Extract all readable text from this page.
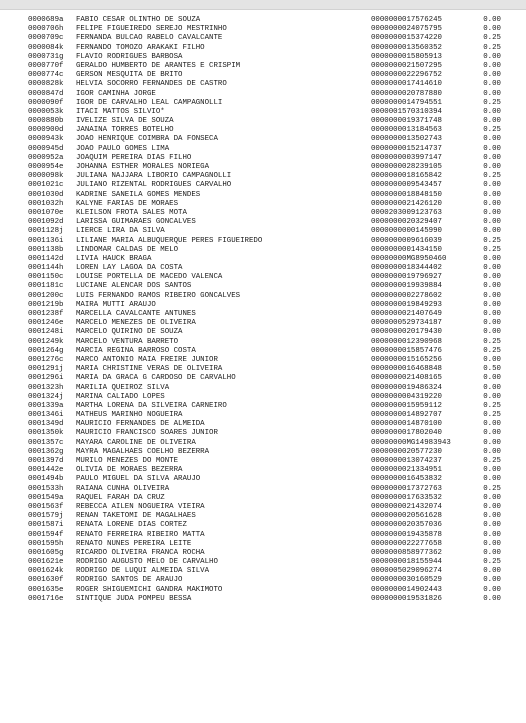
0000689a FABIO CESAR OLINTHO DE SOUZA	0000000017576245	0.00
0000706h FELIPE FIGUEIREDO SEREJO MESTRINHO	0000000024075795	0.00
0000709c FERNANDA BULCAO RABELO CAVALCANTE	0000000015374220	0.25
0000084k FERNANDO TOMOZO ARAKAKI FILHO	0000000013560352	0.25
0000731g FLAVIO RODRIGUES BARBOSA	0000000015805913	0.00
0000770f GERALDO HUMBERTO DE ARANTES E CRISPIM	0000000021507295	0.00
0000774c GERSON MESQUITA DE BRITO	0000000022296752	0.00
0000828k HELVIA SOCORRO FERNANDES DE CASTRO	0000000017414610	0.00
0000847d IGOR CAMINHA JORGE	0000000020787880	0.00
0000090f IGOR DE CARVALHO LEAL CAMPAGNOLLI	0000000014794551	0.25
0000053k ITACI MATTOS SILVIO*	0000001570310394	0.00
0000880b IVELIZE SILVA DE SOUZA	0000000019371748	0.00
0000900d JANAINA TORRES BOTELHO	0000000013184563	0.25
0000943k JOAO HENRIQUE COIMBRA DA FONSECA	0000000013502743	0.00
0000945d JOAO PAULO GOMES LIMA	0000000015214737	0.00
0000952a JOAQUIM PEREIRA DIAS FILHO	0000000003997147	0.00
0000954e JOHANNA ESTHER MORALES NORIEGA	0000000028239105	0.00
0000098k JULIANA NAJJARA LIBORIO CAMPAGNOLLI	0000000018165842	0.25
0001021c JULIANO RIZENTAL RODRIGUES CARVALHO	0000000009543457	0.00
0001030d KADRINE SANEILA GOMES MENDES	0000000018848150	0.00
0001032h KALYNE FARIAS DE MORAES	0000000021426120	0.00
0001070e KLEILSON FROTA SALES MOTA	0000203009123763	0.00
0001092d LARISSA GUIMARAES GONCALVES	0000000020329407	0.00
0001128j LIERCE LIRA DA SILVA	0000000000145990	0.00
0001136i LILIANE MARIA ALBUQUERQUE PERES FIGUEIREDO	0000000009616039	0.25
0001138b LINDOMAR CALDAS DE MELO	0000000001434150	0.25
0001142d LIVIA HAUCK BRAGA	00000000MG8950460	0.00
0001144h LOREN LAY LAGOA DA COSTA	0000000018344402	0.00
0001150c LOUISE PORTELLA DE MACEDO VALENCA	0000000019796927	0.00
0001181c LUCIANE ALENCAR DOS SANTOS	0000000019939884	0.00
0001200c LUIS FERNANDO RAMOS RIBEIRO GONCALVES	0000000002278602	0.00
0001219b MAIRA MUTTI ARAUJO	0000000019849293	0.00
0001238f MARCELLA CAVALCANTE ANTUNES	0000000021407649	0.00
0001246e MARCELO MENEZES DE OLIVEIRA	0000000529734187	0.00
0001248i MARCELO QUIRINO DE SOUZA	0000000020179430	0.00
0001249k MARCELO VENTURA BARRETO	0000000012390968	0.25
0001264g MARCIA REGINA BARROSO COSTA	0000000015857476	0.25
0001276c MARCO ANTONIO MAIA FREIRE JUNIOR	0000000015165256	0.00
0001291j MARIA CHRISTINE VERAS DE OLIVEIRA	0000000016468848	0.50
0001296i MARIA DA GRACA G CARDOSO DE CARVALHO	0000000021408165	0.00
0001323h MARILIA QUEIROZ SILVA	0000000019486324	0.00
0001324j MARINA CALIADO LOPES	0000000004319220	0.00
0001339a MARTHA LORENA DA SILVEIRA CARNEIRO	0000000015959112	0.25
0001346i MATHEUS MARINHO NOGUEIRA	0000000014892707	0.25
0001349d MAURICIO FERNANDES DE ALMEIDA	0000000014870100	0.00
0001350k MAURICIO FRANCISCO SOARES JUNIOR	0000000017802040	0.00
0001357c MAYARA CAROLINE DE OLIVEIRA	00000000MG14983943	0.00
0001362g MAYRA MAGALHAES COELHO BEZERRA	0000000020577230	0.00
0001397d MURILO MENEZES DO MONTE	0000000013074237	0.25
0001442e OLIVIA DE MORAES BEZERRA	0000000021334951	0.00
0001494b PAULO MIGUEL DA SILVA ARAUJO	0000000016453832	0.00
0001533h RAIANA CUNHA OLIVEIRA	0000000017372763	0.25
0001549a RAQUEL FARAH DA CRUZ	0000000017633532	0.00
0001563f REBECCA AILEN NOGUEIRA VIEIRA	0000000021432074	0.00
0001579j RENAN TAKETOMI DE MAGALHAES	0000000020561628	0.00
0001587i RENATA LORENE DIAS CORTEZ	0000000020357036	0.00
0001594f RENATO FERREIRA RIBEIRO MATTA	0000000019435878	0.00
0001595h RENATO NUNES PEREIRA LEITE	0000000022277658	0.00
0001605g RICARDO OLIVEIRA FRANCA ROCHA	0000000858977362	0.00
0001621e RODRIGO AUGUSTO MELO DE CARVALHO	0000000018155944	0.25
0001624k RODRIGO DE LUQUI ALMEIDA SILVA	0000005029096274	0.00
0001630f RODRIGO SANTOS DE ARAUJO	0000000030160529	0.00
0001635e ROGER SHIGUEMICHI GANDRA MAKIMOTO	0000000014902443	0.00
0001716e SINTIQUE JUDA POMPEU BESSA	0000000019531826	0.00
